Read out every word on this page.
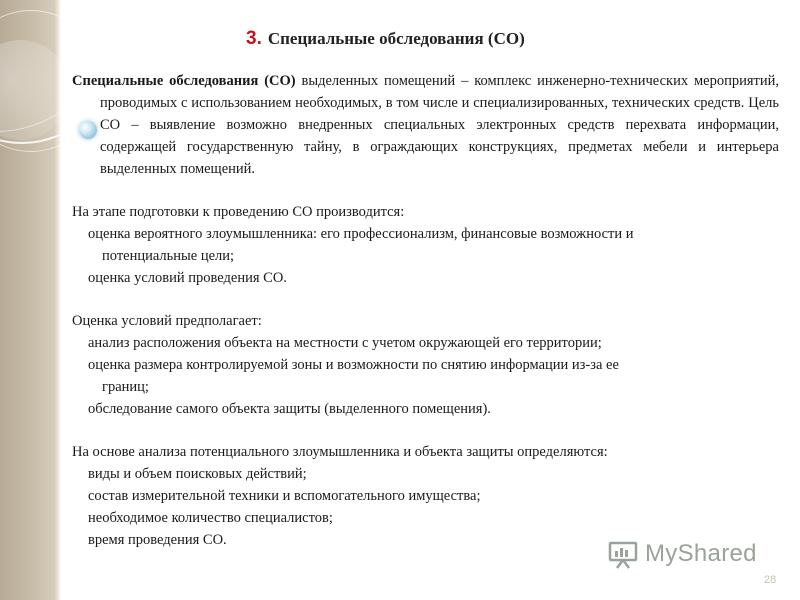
3. Специальные обследования (СО)

Специальные обследования (СО) выделенных помещений – комплекс инженерно-технических мероприятий, проводимых с использованием необходимых, в том числе и специализированных, технических средств. Цель СО – выявление возможно внедренных специальных электронных средств перехвата информации, содержащей государственную тайну, в ограждающих конструкциях, предметах мебели и интерьера выделенных помещений.

На этапе подготовки к проведению СО производится:

оценка вероятного злоумышленника: его профессионализм, финансовые возможности и
потенциальные цели;

оценка условий проведения СО.

Оценка условий предполагает:

анализ расположения объекта на местности с учетом окружающей его территории;

оценка размера контролируемой зоны и возможности по снятию информации из-за ее
границ;

обследование самого объекта защиты (выделенного помещения).

На основе анализа потенциального злоумышленника и объекта защиты определяются:

виды и объем поисковых действий;

состав измерительной техники и вспомогательного имущества;

необходимое количество специалистов;

время проведения СО.	MyShared
28
